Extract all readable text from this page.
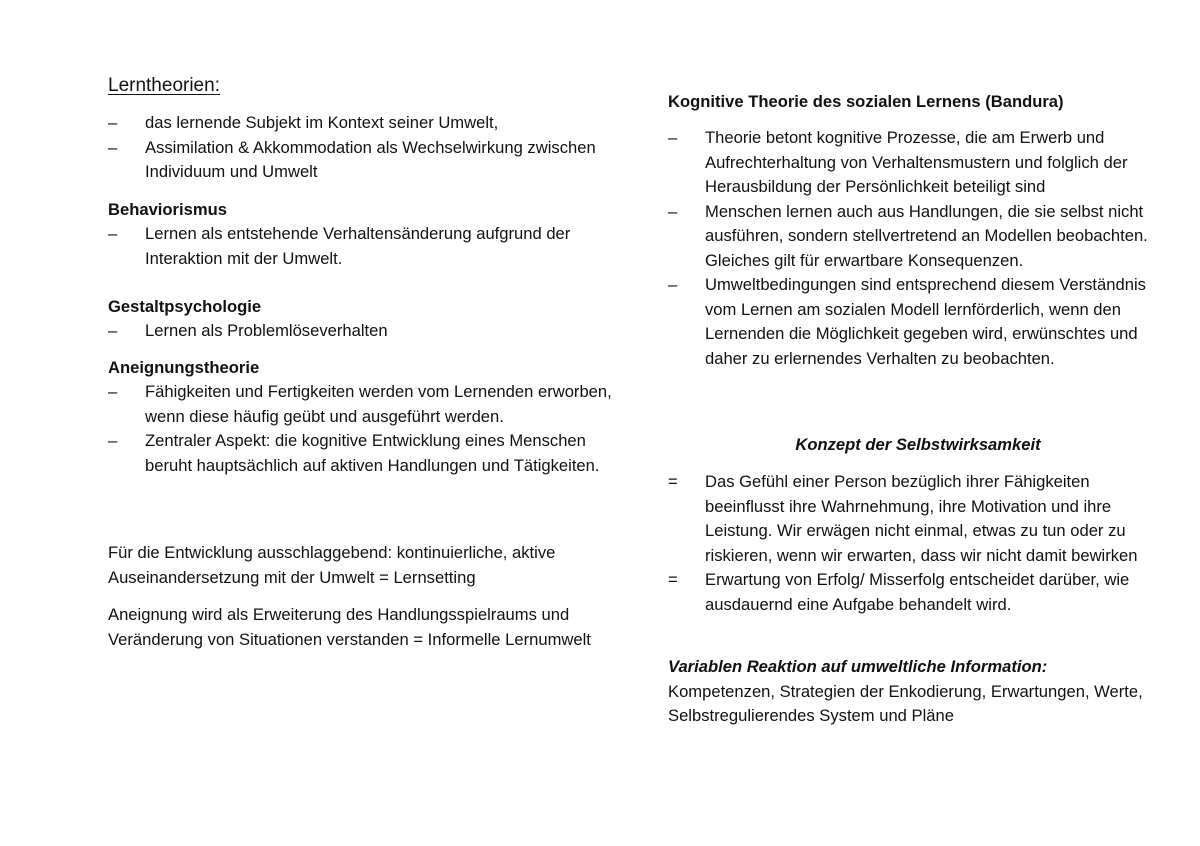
Lerntheorien:
–	das lernende Subjekt im Kontext seiner Umwelt,
–	Assimilation & Akkommodation als Wechselwirkung zwischen Individuum und Umwelt
Behaviorismus
–	Lernen als entstehende Verhaltensänderung aufgrund der Interaktion mit der Umwelt.
Gestaltpsychologie
–	Lernen als Problemlöseverhalten
Aneignungstheorie
–	Fähigkeiten und Fertigkeiten werden vom Lernenden erworben, wenn diese häufig geübt und ausgeführt werden.
–	Zentraler Aspekt: die kognitive Entwicklung eines Menschen beruht hauptsächlich auf aktiven Handlungen und Tätigkeiten.

Für die Entwicklung ausschlaggebend: kontinuierliche, aktive Auseinandersetzung mit der Umwelt = Lernsetting

Aneignung wird als Erweiterung des Handlungsspielraums und Veränderung von Situationen verstanden = Informelle Lernumwelt

Kognitive Theorie des sozialen Lernens (Bandura)
–	Theorie betont kognitive Prozesse, die am Erwerb und Aufrechterhaltung von Verhaltensmustern und folglich der Herausbildung der Persönlichkeit beteiligt sind
–	Menschen lernen auch aus Handlungen, die sie selbst nicht ausführen, sondern stellvertretend an Modellen beobachten. Gleiches gilt für erwartbare Konsequenzen.
–	Umweltbedingungen sind entsprechend diesem Verständnis vom Lernen am sozialen Modell lernförderlich, wenn den Lernenden die Möglichkeit gegeben wird, erwünschtes und daher zu erlernendes Verhalten zu beobachten.
Konzept der Selbstwirksamkeit
=	Das Gefühl einer Person bezüglich ihrer Fähigkeiten beeinflusst ihre Wahrnehmung, ihre Motivation und ihre Leistung. Wir erwägen nicht einmal, etwas zu tun oder zu riskieren, wenn wir erwarten, dass wir nicht damit bewirken
=	Erwartung von Erfolg/ Misserfolg entscheidet darüber, wie ausdauernd eine Aufgabe behandelt wird.
Variablen Reaktion auf umweltliche Information:
Kompetenzen, Strategien der Enkodierung, Erwartungen, Werte, Selbstregulierendes System und Pläne
